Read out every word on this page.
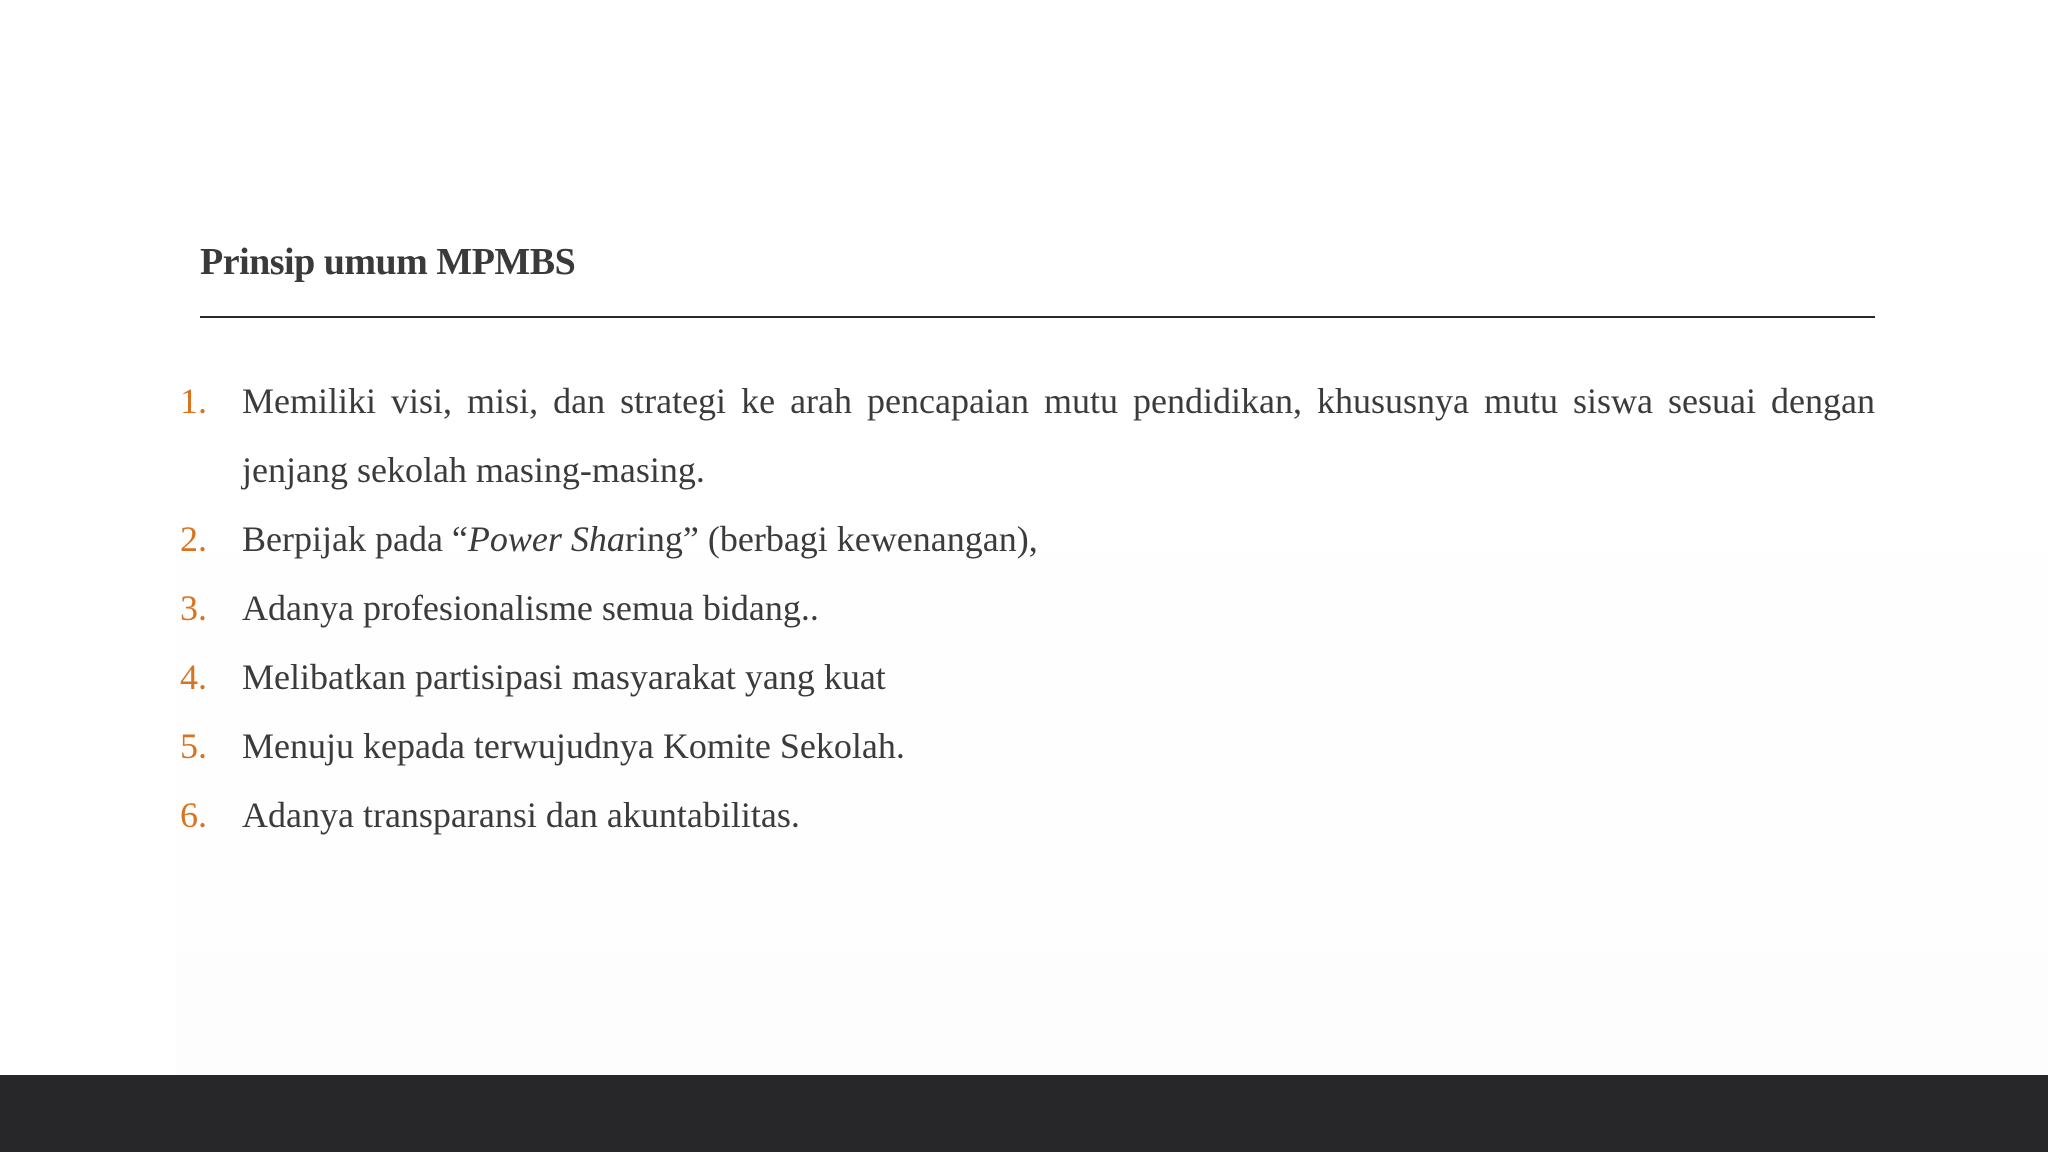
Prinsip umum MPMBS
1. Memiliki visi, misi, dan strategi ke arah pencapaian mutu pendidikan, khususnya mutu siswa sesuai dengan jenjang sekolah masing-masing.
2. Berpijak pada “Power Sharing” (berbagi kewenangan),
3. Adanya profesionalisme semua bidang..
4. Melibatkan partisipasi masyarakat yang kuat
5. Menuju kepada terwujudnya Komite Sekolah.
6. Adanya transparansi dan akuntabilitas.
